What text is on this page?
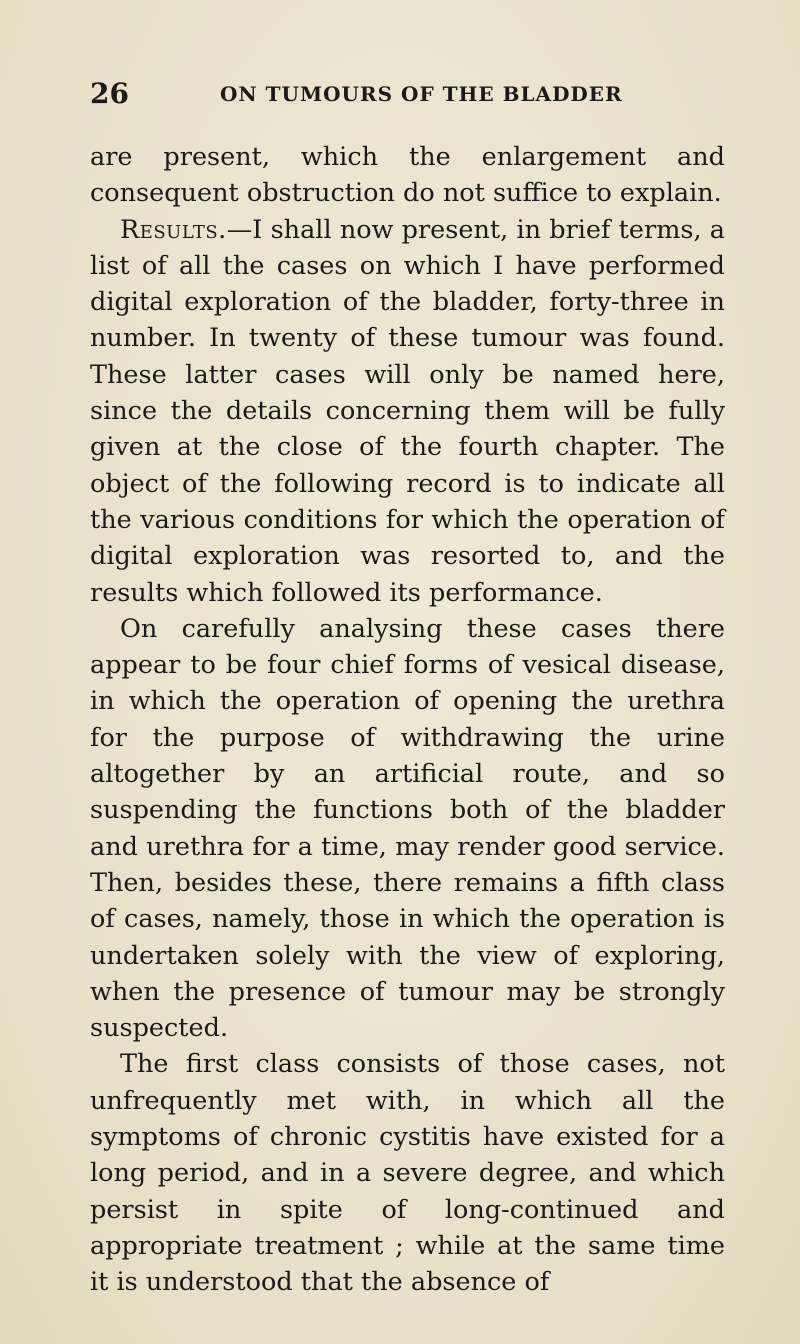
26	ON TUMOURS OF THE BLADDER

are present, which the enlargement and consequent obstruction do not suffice to explain.

Results.—I shall now present, in brief terms, a list of all the cases on which I have performed digital exploration of the bladder, forty-three in number. In twenty of these tumour was found. These latter cases will only be named here, since the details concerning them will be fully given at the close of the fourth chapter. The object of the following record is to indicate all the various conditions for which the operation of digital exploration was resorted to, and the results which followed its performance.

On carefully analysing these cases there appear to be four chief forms of vesical disease, in which the operation of opening the urethra for the purpose of withdrawing the urine altogether by an artificial route, and so suspending the functions both of the bladder and urethra for a time, may render good service. Then, besides these, there remains a fifth class of cases, namely, those in which the operation is undertaken solely with the view of exploring, when the presence of tumour may be strongly suspected.

The first class consists of those cases, not unfrequently met with, in which all the symptoms of chronic cystitis have existed for a long period, and in a severe degree, and which persist in spite of long-continued and appropriate treatment ; while at the same time it is understood that the absence of
